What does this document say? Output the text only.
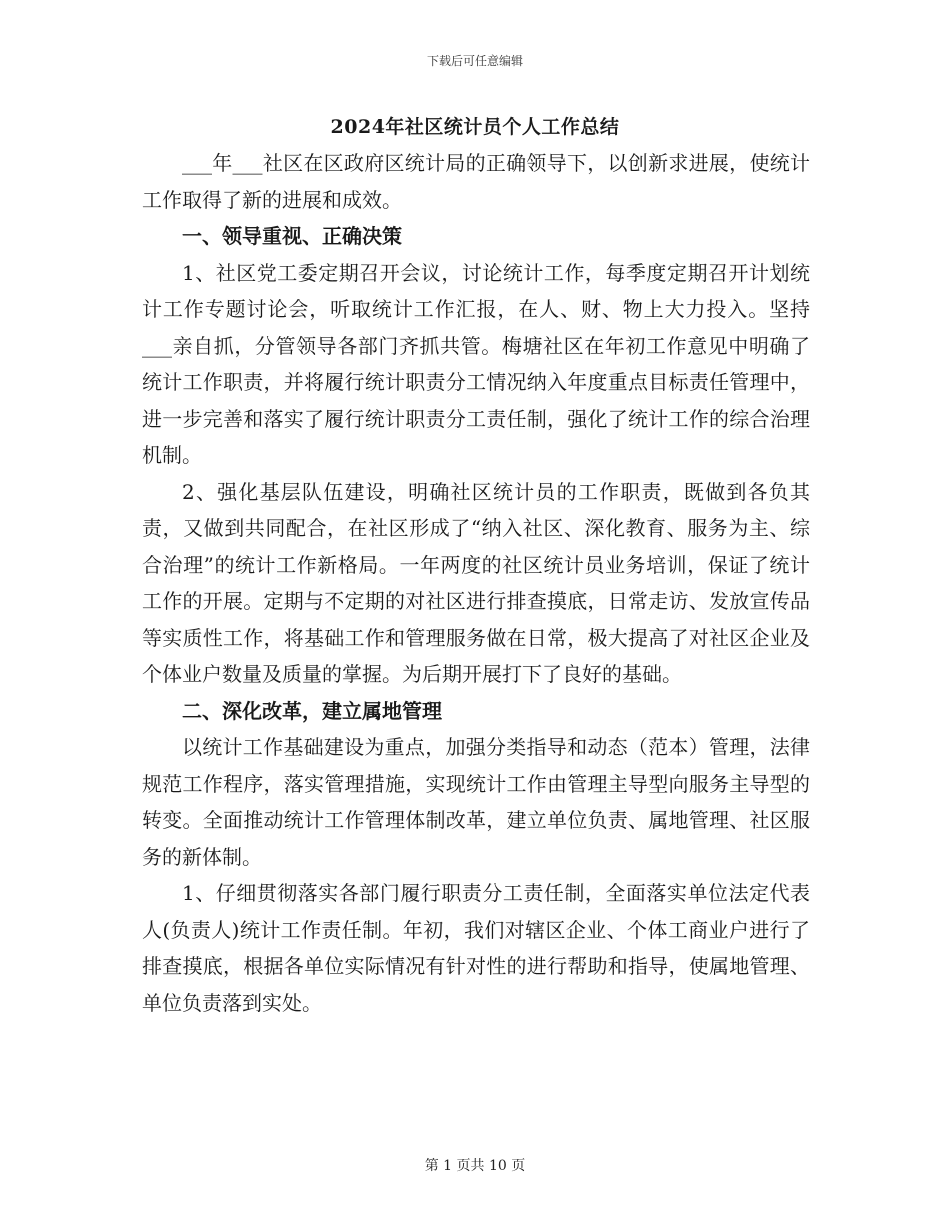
下载后可任意编辑
2024年社区统计员个人工作总结

___年___社区在区政府区统计局的正确领导下，以创新求进展，使统计工作取得了新的进展和成效。

一、领导重视、正确决策

1、社区党工委定期召开会议，讨论统计工作，每季度定期召开计划统计工作专题讨论会，听取统计工作汇报，在人、财、物上大力投入。坚持___亲自抓，分管领导各部门齐抓共管。梅塘社区在年初工作意见中明确了统计工作职责，并将履行统计职责分工情况纳入年度重点目标责任管理中，进一步完善和落实了履行统计职责分工责任制，强化了统计工作的综合治理机制。

2、强化基层队伍建设，明确社区统计员的工作职责，既做到各负其责，又做到共同配合，在社区形成了“纳入社区、深化教育、服务为主、综合治理”的统计工作新格局。一年两度的社区统计员业务培训，保证了统计工作的开展。定期与不定期的对社区进行排查摸底，日常走访、发放宣传品等实质性工作，将基础工作和管理服务做在日常，极大提高了对社区企业及个体业户数量及质量的掌握。为后期开展打下了良好的基础。

二、深化改革，建立属地管理

以统计工作基础建设为重点，加强分类指导和动态（范本）管理，法律规范工作程序，落实管理措施，实现统计工作由管理主导型向服务主导型的转变。全面推动统计工作管理体制改革，建立单位负责、属地管理、社区服务的新体制。

1、仔细贯彻落实各部门履行职责分工责任制，全面落实单位法定代表人(负责人)统计工作责任制。年初，我们对辖区企业、个体工商业户进行了排查摸底，根据各单位实际情况有针对性的进行帮助和指导，使属地管理、单位负责落到实处。

第 1 页共 10 页
